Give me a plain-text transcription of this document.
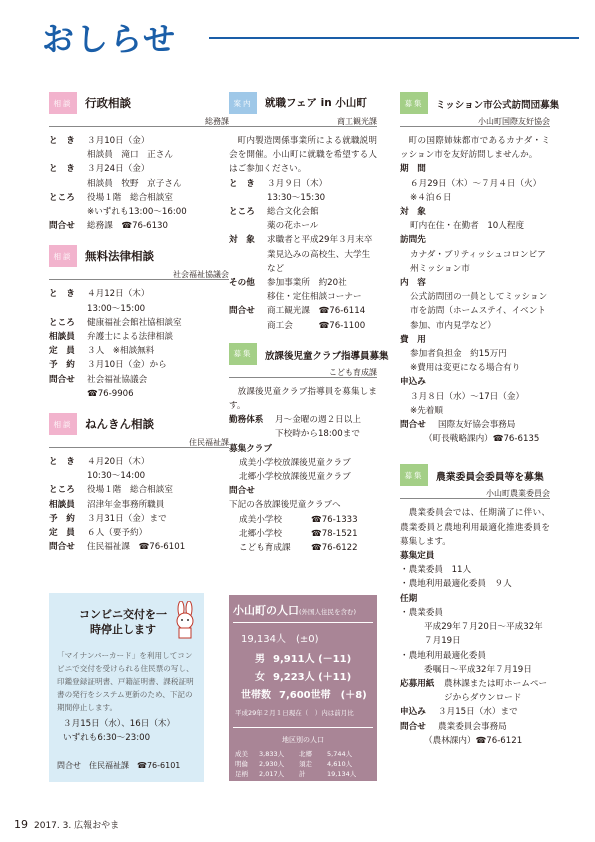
おしらせ
相談	行政相談
総務課
と　き	３月10日（金）
相談員　滝口　正さん
と　き	３月24日（金）
相談員　牧野　京子さん
ところ	役場１階　総合相談室
※いずれも13:00～16:00
問合せ	総務課　☎76-6130
相談	無料法律相談
社会福祉協議会
と　き	４月12日（木）
13:00～15:00
ところ	健康福祉会館社協相談室
相談員	弁護士による法律相談
定　員	３人　※相談無料
予　約	３月10日（金）から
問合せ	社会福祉協議会
☎76-9906
相談	ねんきん相談
住民福祉課
と　き	４月20日（木）
10:30～14:00
ところ	役場１階　総合相談室
相談員	沼津年金事務所職員
予　約	３月31日（金）まで
定　員	６人（要予約）
問合せ	住民福祉課　☎76-6101
コンビニ交付を一時停止します
「マイナンバーカード」を利用してコンビニで交付を受けられる住民票の写し、印鑑登録証明書、戸籍証明書、課税証明書の発行をシステム更新のため、下記の期間停止します。
３月15日（水）、16日（木）
いずれも6:30～23:00
問合せ　住民福祉課　☎76-6101
案内	就職フェア in 小山町
商工観光課
町内製造関係事業所による就職説明会を開催。小山町に就職を希望する人はご参加ください。
と　き	３月９日（木）
13:30～15:30
ところ	総合文化会館
薬の花ホール
対　象	求職者と平成29年３月末卒業見込みの高校生、大学生など
その他	参加事業所　約20社
移住・定住相談コーナー
問合せ	商工観光課　☎76-6114
商工会　　　☎76-1100
募集	放課後児童クラブ指導員募集
こども育成課
放課後児童クラブ指導員を募集します。
勤務体系	月～金曜の週２日以上
下校時から18:00まで
募集クラブ
成美小学校放課後児童クラブ
北郷小学校放課後児童クラブ
問合せ
下記の各放課後児童クラブへ
成美小学校	☎76-1333
北郷小学校	☎78-1521
こども育成課	☎76-6122
小山町の人口(外国人住民を含む)
19,134人　(±0)
男 9,911人 (－11)
女 9,223人 (＋11)
世帯数 7,600世帯　(＋8)
平成29年２月１日現在（　）内は前月比
地区別の人口
成美	3,833人	北郷	5,744人
明倫	2,930人	須走	4,610人
足柄	2,017人	計	19,134人
募集	ミッション市公式訪問団募集
小山町国際友好協会
町の国際姉妹都市であるカナダ・ミッション市を友好訪問しませんか。
期　間
６月29日（木）～７月４日（火）
※４泊６日
対　象
町内在住・在勤者　10人程度
訪問先
カナダ・ブリティッシュコロンビア州ミッション市
内　容
公式訪問団の一員としてミッション市を訪問（ホームステイ、イベント参加、市内見学など）
費　用
参加者負担金　約15万円
※費用は変更になる場合有り
申込み
３月８日（水）～17日（金）
※先着順
問合せ	国際友好協会事務局
（町長戦略課内）☎76-6135
募集	農業委員会委員等を募集
小山町農業委員会
農業委員会では、任期満了に伴い、農業委員と農地利用最適化推進委員を募集します。
募集定員
・農業委員　11人
・農地利用最適化委員　９人
任期
・農業委員
平成29年７月20日～平成32年７月19日
・農地利用最適化委員
委嘱日～平成32年７月19日
応募用紙	農林課または町ホームページからダウンロード
申込み	３月15日（水）まで
問合せ	農業委員会事務局
（農林課内）☎76-6121
19 2017. 3. 広報おやま
